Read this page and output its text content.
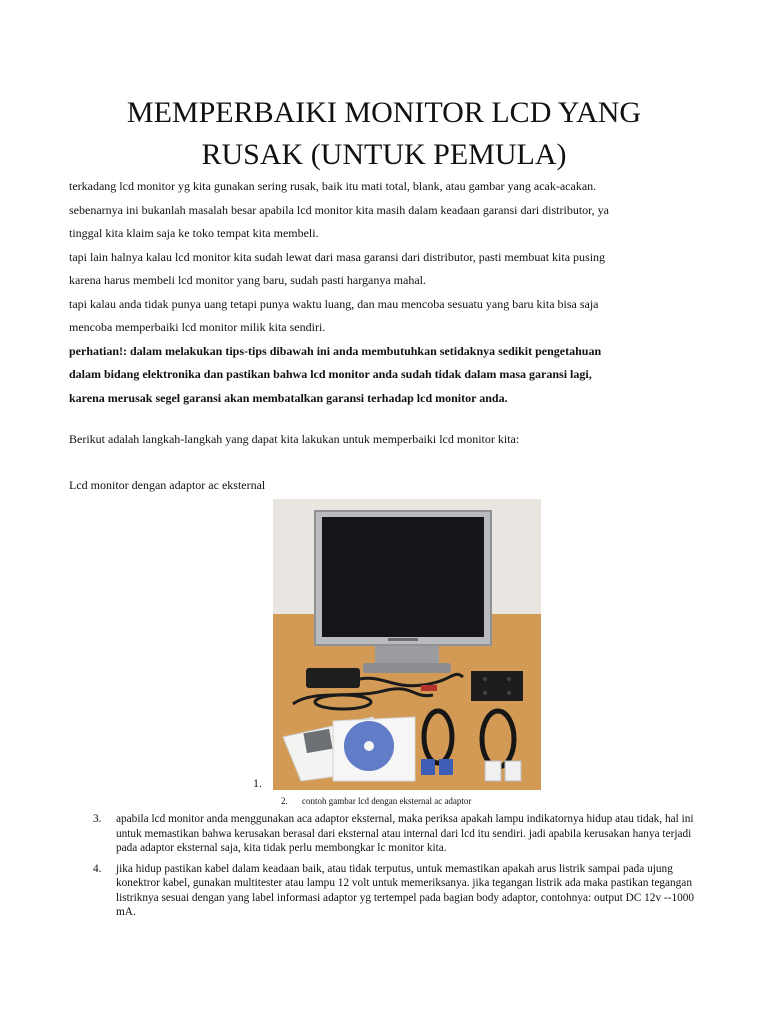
MEMPERBAIKI MONITOR LCD YANG
RUSAK (UNTUK PEMULA)

terkadang lcd monitor yg kita gunakan sering rusak, baik itu mati total, blank, atau gambar yang acak-acakan.

sebenarnya ini bukanlah masalah besar apabila lcd monitor kita masih dalam keadaan garansi dari distributor, ya

tinggal kita klaim saja ke toko tempat kita membeli.

tapi lain halnya kalau lcd monitor kita sudah lewat dari masa garansi dari distributor, pasti membuat kita pusing

karena harus membeli lcd monitor yang baru, sudah pasti harganya mahal.

tapi kalau anda tidak punya uang tetapi punya waktu luang, dan mau mencoba sesuatu yang baru kita bisa saja

mencoba memperbaiki lcd monitor milik kita sendiri.

perhatian!: dalam melakukan tips-tips dibawah ini anda membutuhkan setidaknya sedikit pengetahuan

dalam bidang elektronika dan pastikan bahwa lcd monitor anda sudah tidak dalam masa garansi lagi,

karena merusak segel garansi akan membatalkan garansi terhadap lcd monitor anda.

Berikut adalah langkah-langkah yang dapat kita lakukan untuk memperbaiki lcd monitor kita:

Lcd monitor dengan adaptor ac eksternal

1.
2. contoh gambar lcd dengan eksternal ac adaptor
3.	apabila lcd monitor anda menggunakan aca adaptor eksternal, maka periksa apakah lampu indikatornya hidup atau tidak, hal ini untuk memastikan bahwa kerusakan berasal dari eksternal atau internal dari lcd itu sendiri. jadi apabila kerusakan hanya terjadi pada adaptor eksternal saja, kita tidak perlu membongkar lc monitor kita.
4.	jika hidup pastikan kabel dalam keadaan baik, atau tidak terputus, untuk memastikan apakah arus listrik sampai pada ujung konektror kabel, gunakan multitester atau lampu 12 volt untuk memeriksanya. jika tegangan listrik ada maka pastikan tegangan listriknya sesuai dengan yang label informasi adaptor yg tertempel pada bagian body adaptor, contohnya: output DC 12v --1000 mA.
